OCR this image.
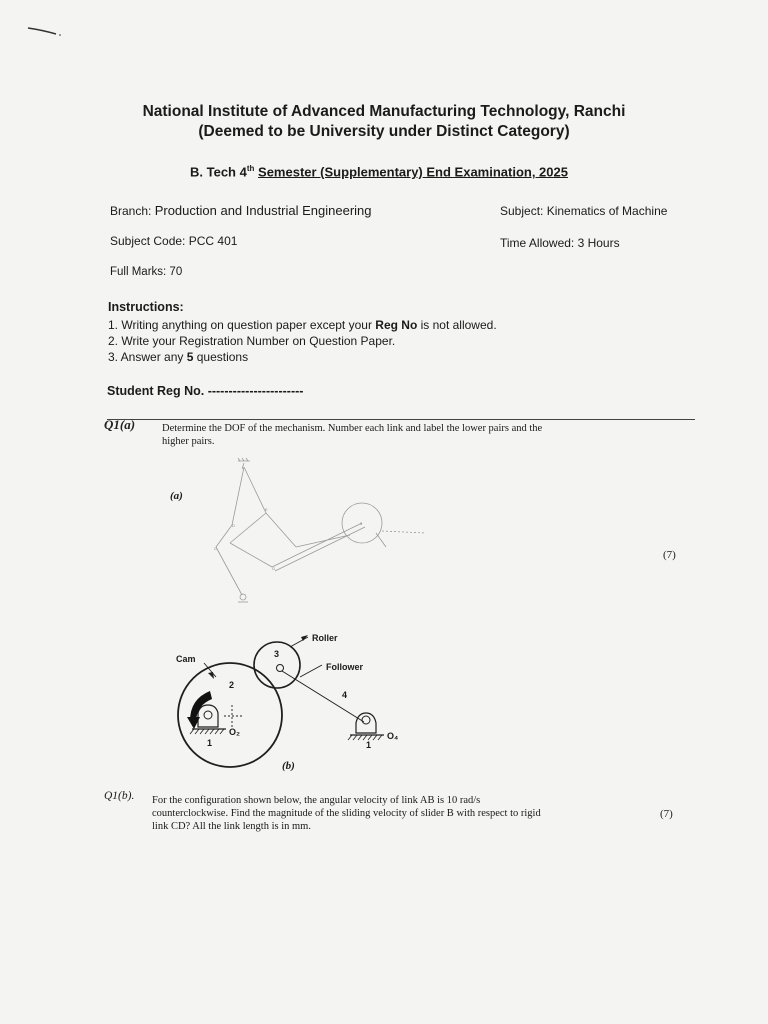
National Institute of Advanced Manufacturing Technology, Ranchi
(Deemed to be University under Distinct Category)
B. Tech 4th Semester (Supplementary) End Examination, 2025
Branch: Production and Industrial Engineering	Subject: Kinematics of Machine
Subject Code: PCC 401	Time Allowed: 3 Hours
Full Marks: 70
Instructions:
1. Writing anything on question paper except your Reg No is not allowed.
2. Write your Registration Number on Question Paper.
3. Answer any 5 questions
Student Reg No. -----------------------
Q1(a)	Determine the DOF of the mechanism. Number each link and label the lower pairs and the
higher pairs.
(a)
(7)
D
E
C
G
3
Roller
Cam
Follower
2
3
4
1	1
O₂	O₄
(b)
Q1(b). For the configuration shown below, the angular velocity of link AB is 10 rad/s
counterclockwise. Find the magnitude of the sliding velocity of slider B with respect to rigid
link CD? All the link length is in mm.
(7)
